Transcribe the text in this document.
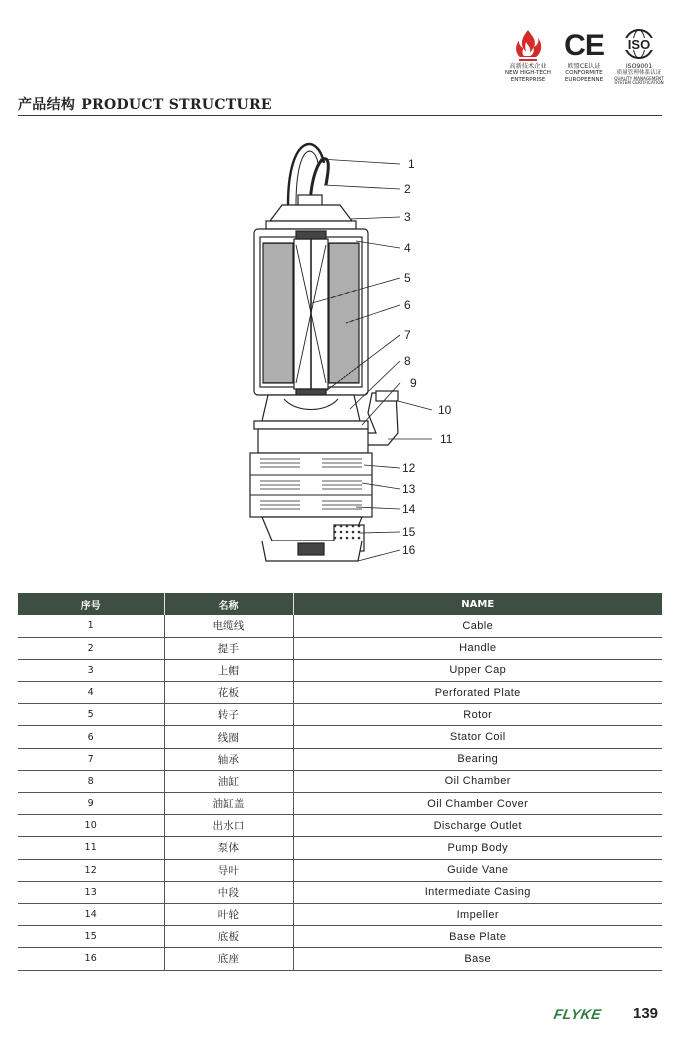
高新技术企业
NEW HIGH-TECH
ENTERPRISE
CE
欧盟CE认证
CONFORMITE
EUROPEENNE
ISO
ISO9001
质量管理体系认证
QUALITY MANAGEMENT
SYSTEM CERTIFICATION
产品结构 PRODUCT STRUCTURE
1
2
3
4
5
6
7
8
9
10
11
12
13
14
15
16
序号	名称	NAME
1	电缆线	Cable
2	提手	Handle
3	上帽	Upper Cap
4	花板	Perforated Plate
5	转子	Rotor
6	线圈	Stator Coil
7	轴承	Bearing
8	油缸	Oil Chamber
9	油缸盖	Oil Chamber Cover
10	出水口	Discharge Outlet
11	泵体	Pump Body
12	导叶	Guide Vane
13	中段	Intermediate Casing
14	叶轮	Impeller
15	底板	Base Plate
16	底座	Base
FLYKE 139
